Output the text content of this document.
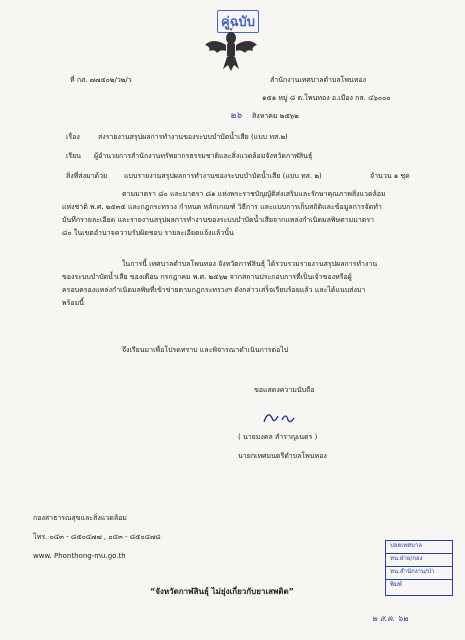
คู่ฉบับ
ที่ กส. ๗๗๕๐๒/ว๒/ว	สำนักงานเทศบาลตำบลโพนทอง
๑๕๑ หมู่ ๘ ต.โพนทอง อ.เมือง กส. ๔๖๐๐๐
๒๖ สิงหาคม ๒๕๖๒
เรื่อง	ส่งรายงานสรุปผลการทำงานของระบบบำบัดน้ำเสีย (แบบ ทส.๒)
เรียน ผู้อำนวยการสำนักงานทรัพยากรธรรมชาติและสิ่งแวดล้อมจังหวัดกาฬสินธุ์
สิ่งที่ส่งมาด้วย แบบรายงานสรุปผลการทำงานของระบบบำบัดน้ำเสีย (แบบ ทส. ๒)	จำนวน ๑ ชุด
ตามมาตรา ๘๐ และมาตรา ๘๑ แห่งพระราชบัญญัติส่งเสริมและรักษาคุณภาพสิ่งแวดล้อม
แห่งชาติ พ.ศ. ๒๕๓๕ และกฎกระทรวง กำหนด หลักเกณฑ์ วิธีการ และแบบการเก็บสถิติและข้อมูลการจัดทำ
บันทึกรายละเอียด และรายงานสรุปผลการทำงานของระบบบำบัดน้ำเสียจากแหล่งกำเนิดมลพิษตามมาตรา
๘๐ ในเขตอำนาจความรับผิดชอบ รายละเอียดแจ้งแล้วนั้น
ในการนี้ เทศบาลตำบลโพนทอง จังหวัดกาฬสินธุ์ ได้รวบรวมรายงานสรุปผลการทำงาน
ของระบบบำบัดน้ำเสีย ของเดือน กรกฎาคม พ.ศ. ๒๕๖๒ จากสถานประกอบการที่เป็นเจ้าของหรือผู้
ครอบครองแหล่งกำเนิดมลพิษที่เข้าข่ายตามกฎกระทรวงฯ ดังกล่าวเสร็จเรียบร้อยแล้ว และได้แนบส่งมา
พร้อมนี้
จึงเรียนมาเพื่อโปรดทราบ และพิจารณาดำเนินการต่อไป
ขอแสดงความนับถือ
( นายมงคล สำราญเนตร )
นายกเทศมนตรีตำบลโพนทอง
กองสาธารณสุขและสิ่งแวดล้อม
โทร. ๐๔๓ - ๘๕๐๔๗๗ , ๐๔๓ - ๘๕๐๔๗๘
www. Phonthong-mu.go.th
ปลดเทศบาล
หน.ฝ่าย/กอง
หน.สำนักงาน/ป่า
พิมพ์
“จังหวัดกาฬสินธุ์ ไม่ยุ่งเกี่ยวกับยาเสพติด”
๒ ส.ค. ๖๒
